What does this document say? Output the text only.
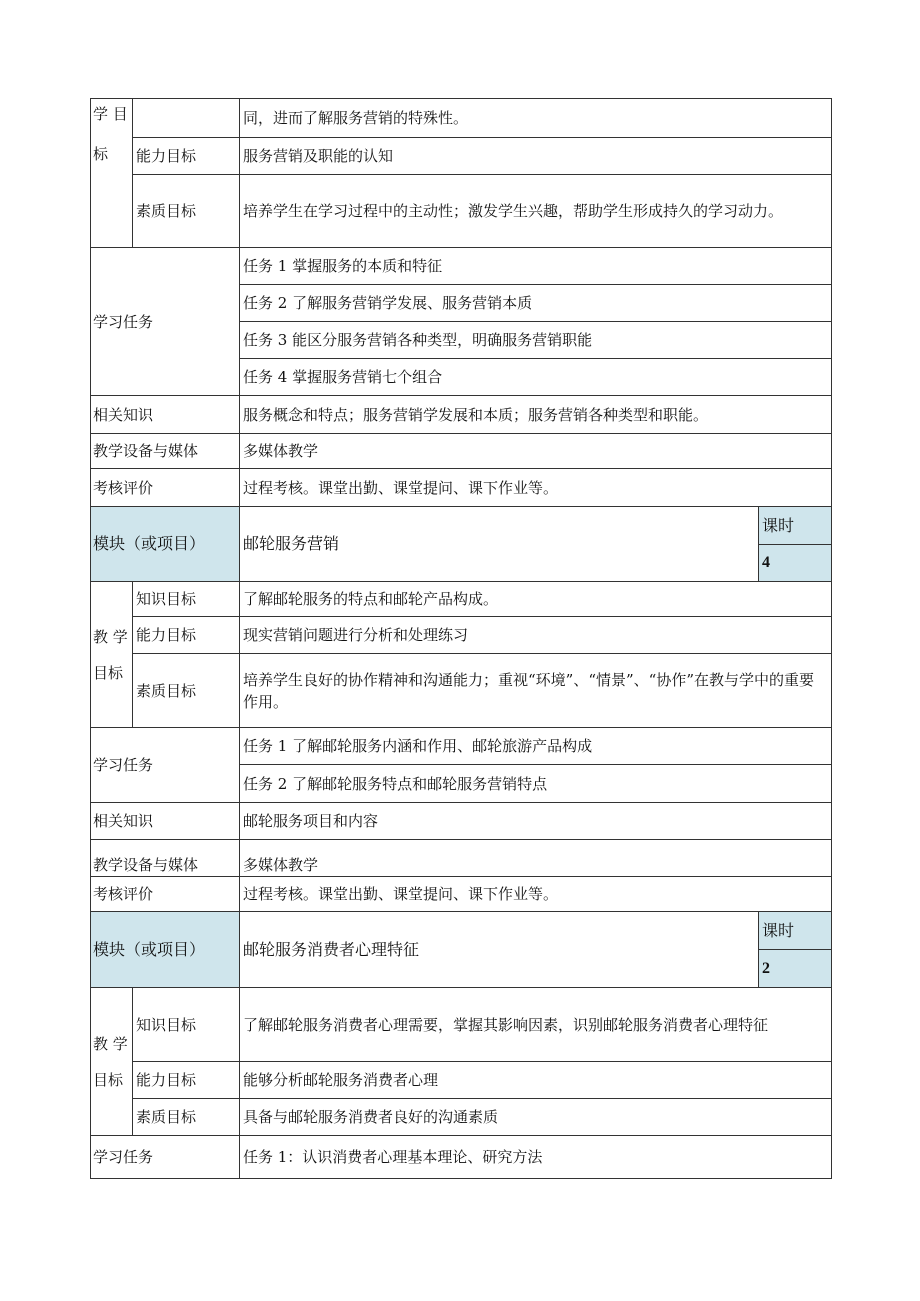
学 目
标		同，进而了解服务营销的特殊性。	
	能力目标	服务营销及职能的认知	
	素质目标	培养学生在学习过程中的主动性；激发学生兴趣，帮助学生形成持久的学习动力。	
学习任务		任务 1 掌握服务的本质和特征	
		任务 2 了解服务营销学发展、服务营销本质	
		任务 3 能区分服务营销各种类型，明确服务营销职能	
		任务 4 掌握服务营销七个组合	
相关知识		服务概念和特点；服务营销学发展和本质；服务营销各种类型和职能。	
教学设备与媒体		多媒体教学	
考核评价		过程考核。课堂出勤、课堂提问、课下作业等。	
模块（或项目）		邮轮服务营销	课时
			4

教 学
目标	知识目标	了解邮轮服务的特点和邮轮产品构成。	
	能力目标	现实营销问题进行分析和处理练习	
	素质目标	培养学生良好的协作精神和沟通能力；重视“环境”、“情景”、“协作”在教与学中的重要作用。	
学习任务		任务 1 了解邮轮服务内涵和作用、邮轮旅游产品构成	
		任务 2 了解邮轮服务特点和邮轮服务营销特点	
相关知识		邮轮服务项目和内容	
教学设备与媒体		多媒体教学	
考核评价		过程考核。课堂出勤、课堂提问、课下作业等。	
模块（或项目）		邮轮服务消费者心理特征	课时
			2

教 学
目标	知识目标	了解邮轮服务消费者心理需要，掌握其影响因素，识别邮轮服务消费者心理特征	
	能力目标	能够分析邮轮服务消费者心理	
	素质目标	具备与邮轮服务消费者良好的沟通素质	
学习任务		任务 1：认识消费者心理基本理论、研究方法	
